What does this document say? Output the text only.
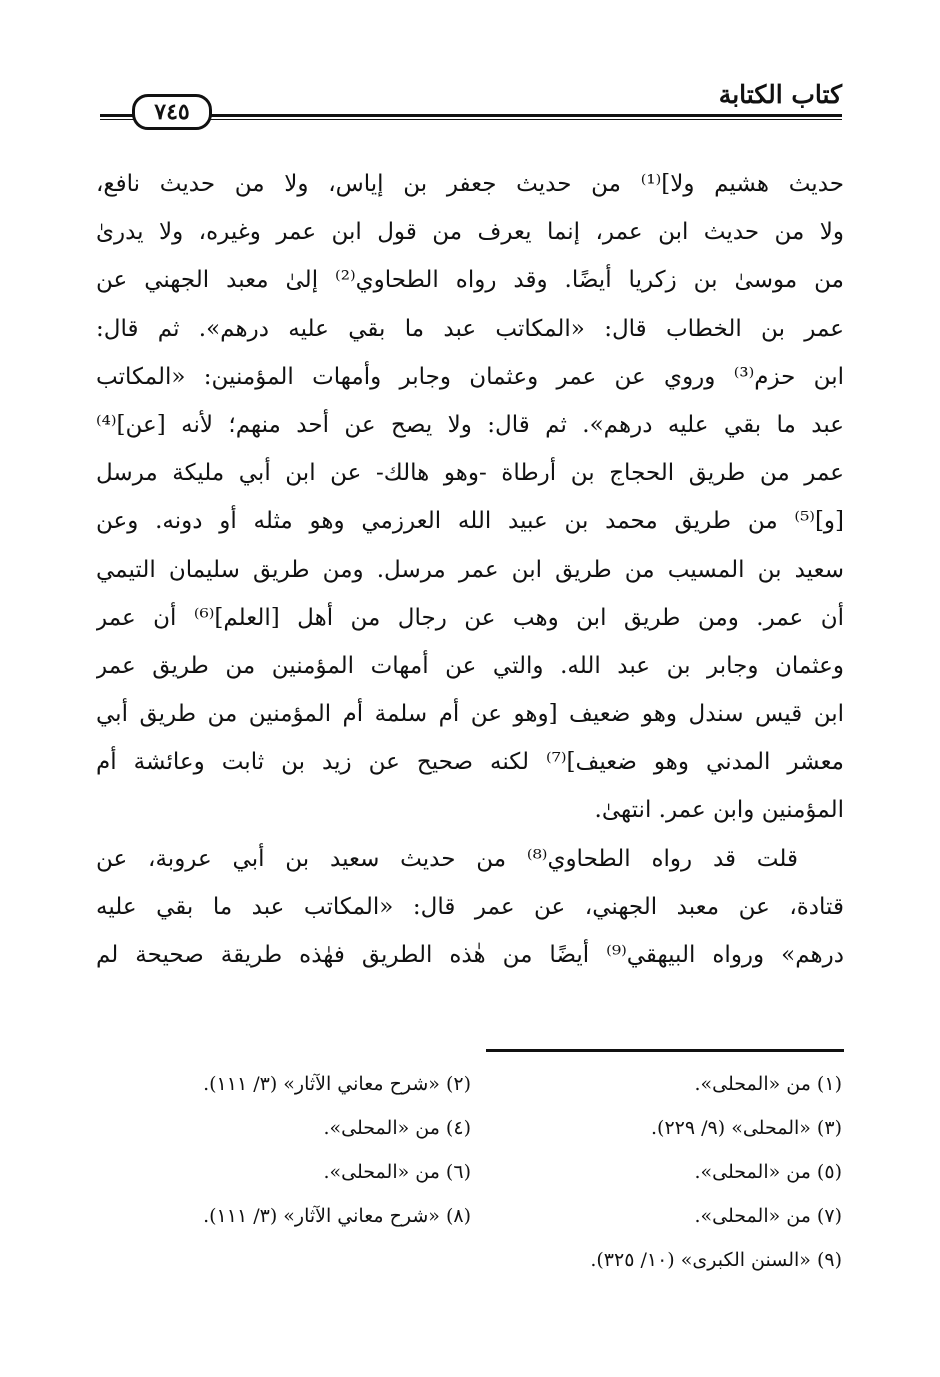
كتاب الكتابة
٧٤٥
حديث هشيم ولا]⁽¹⁾ من حديث جعفر بن إياس، ولا من حديث نافع،
ولا من حديث ابن عمر، إنما يعرف من قول ابن عمر وغيره، ولا يدرىٰ
من موسىٰ بن زكريا أيضًا. وقد رواه الطحاوي⁽²⁾ إلىٰ معبد الجهني عن
عمر بن الخطاب قال: «المكاتب عبد ما بقي عليه درهم». ثم قال:
ابن حزم⁽³⁾ وروي عن عمر وعثمان وجابر وأمهات المؤمنين: «المكاتب
عبد ما بقي عليه درهم». ثم قال: ولا يصح عن أحد منهم؛ لأنه [عن]⁽⁴⁾
عمر من طريق الحجاج بن أرطاة -وهو هالك- عن ابن أبي مليكة مرسل
[و]⁽⁵⁾ من طريق محمد بن عبيد الله العرزمي وهو مثله أو دونه. وعن
سعيد بن المسيب من طريق ابن عمر مرسل. ومن طريق سليمان التيمي
أن عمر. ومن طريق ابن وهب عن رجال من أهل [العلم]⁽⁶⁾ أن عمر
وعثمان وجابر بن عبد الله. والتي عن أمهات المؤمنين من طريق عمر
ابن قيس سندل وهو ضعيف [وهو عن أم سلمة أم المؤمنين من طريق أبي
معشر المدني وهو ضعيف]⁽⁷⁾ لكنه صحيح عن زيد بن ثابت وعائشة أم
المؤمنين وابن عمر. انتهىٰ.
قلت قد رواه الطحاوي⁽⁸⁾ من حديث سعيد بن أبي عروبة، عن
قتادة، عن معبد الجهني، عن عمر قال: «المكاتب عبد ما بقي عليه
درهم» ورواه البيهقي⁽⁹⁾ أيضًا من هٰذه الطريق فهٰذه طريقة صحيحة لم
(١) من «المحلى».
(٢) «شرح معاني الآثار» (٣/ ١١١).
(٣) «المحلى» (٩/ ٢٢٩).
(٤) من «المحلى».
(٥) من «المحلى».
(٦) من «المحلى».
(٧) من «المحلى».
(٨) «شرح معاني الآثار» (٣/ ١١١).
(٩) «السنن الكبرى» (١٠/ ٣٢٥).
